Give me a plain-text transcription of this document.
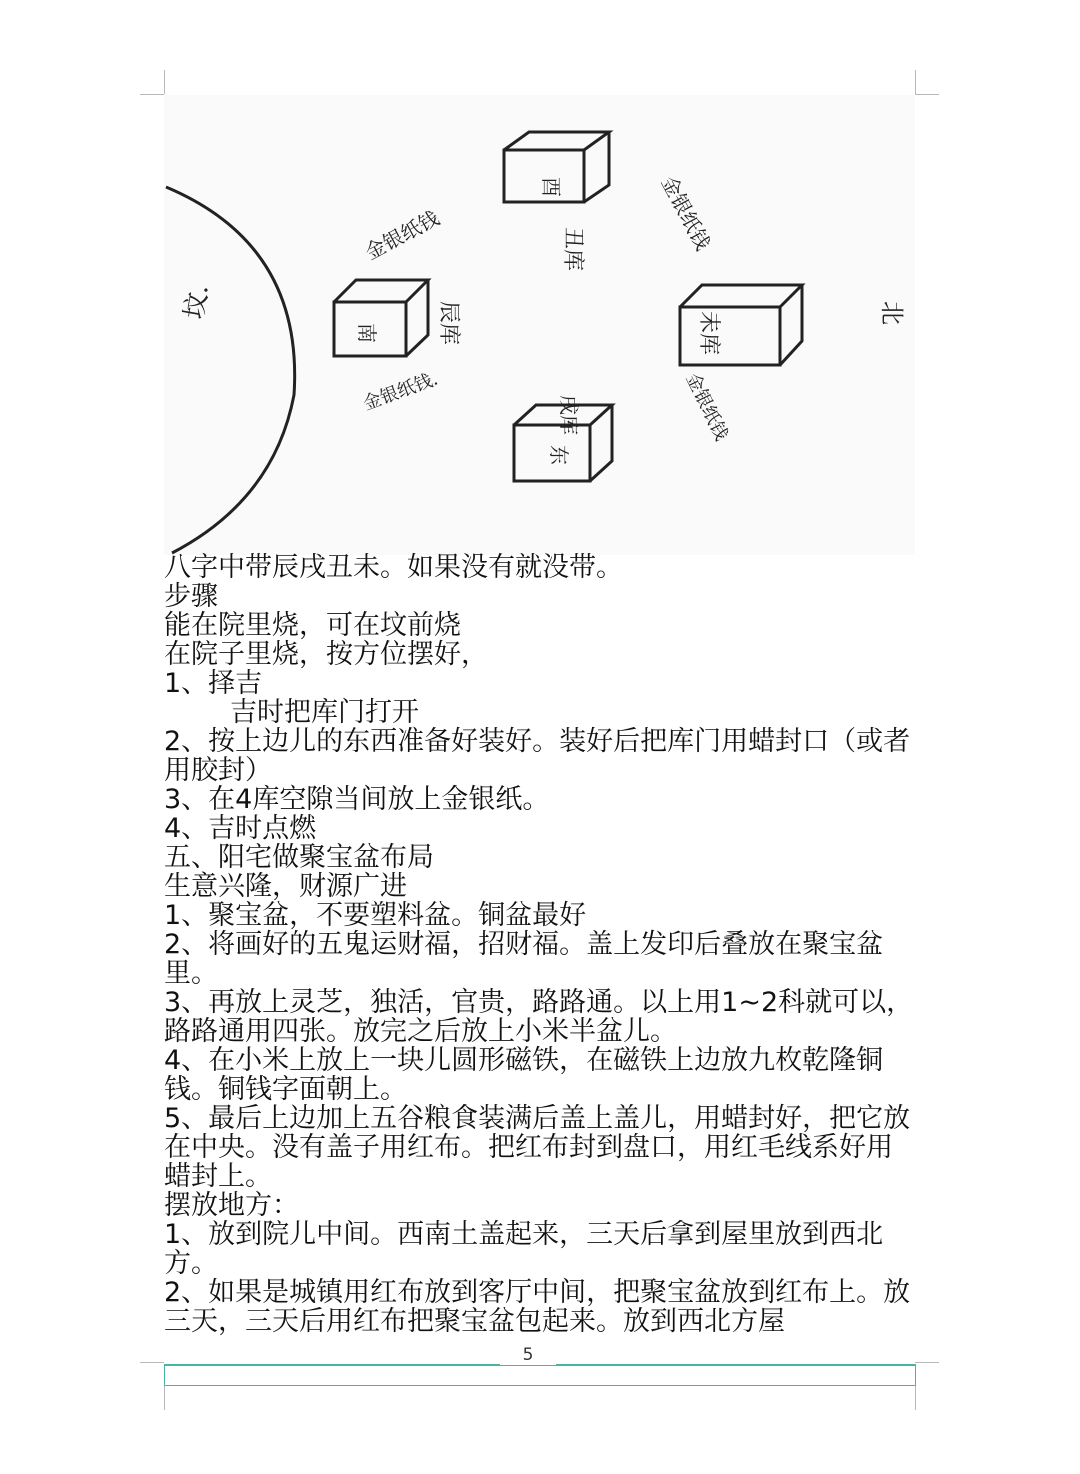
坟.
酉
丑库
南	辰库	未库
东
戌库
北
金银纸钱	金银纸钱
金银纸钱.	金银纸钱

八字中带辰戌丑未。如果没有就没带。

步骤

能在院里烧，可在坟前烧

在院子里烧，按方位摆好，

1、择吉

吉时把库门打开

2、按上边儿的东西准备好装好。装好后把库门用蜡封口（或者用胶封）

3、在4库空隙当间放上金银纸。

4、吉时点燃

五、阳宅做聚宝盆布局

生意兴隆，财源广进

1、聚宝盆，不要塑料盆。铜盆最好

2、将画好的五鬼运财福，招财福。盖上发印后叠放在聚宝盆里。

3、再放上灵芝，独活，官贵，路路通。以上用1~2科就可以，路路通用四张。放完之后放上小米半盆儿。

4、在小米上放上一块儿圆形磁铁，在磁铁上边放九枚乾隆铜钱。铜钱字面朝上。

5、最后上边加上五谷粮食装满后盖上盖儿，用蜡封好，把它放在中央。没有盖子用红布。把红布封到盘口，用红毛线系好用蜡封上。

摆放地方：

1、放到院儿中间。西南土盖起来，三天后拿到屋里放到西北方。

2、如果是城镇用红布放到客厅中间，把聚宝盆放到红布上。放三天，三天后用红布把聚宝盆包起来。放到西北方屋

5
